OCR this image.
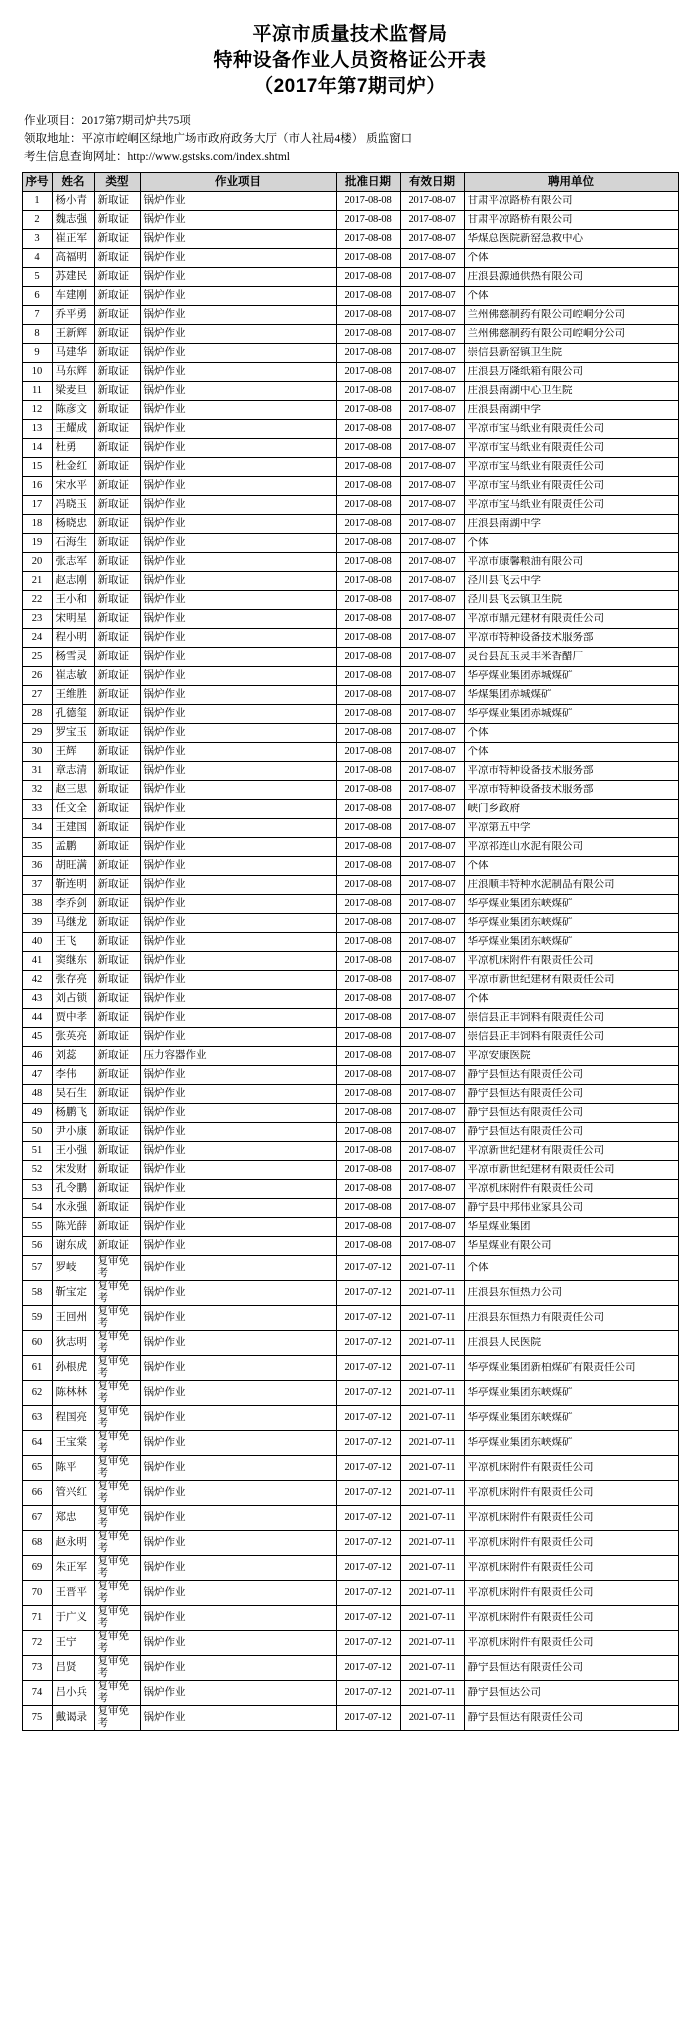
平凉市质量技术监督局
特种设备作业人员资格证公开表
（2017年第7期司炉）
作业项目：2017第7期司炉共75项
领取地址：平凉市崆峒区绿地广场市政府政务大厅（市人社局4楼） 质监窗口
考生信息查询网址：http://www.gstsks.com/index.shtml
序号	姓名	类型	作业项目	批准日期	有效日期	聘用单位
1	杨小青	新取证	锅炉作业	2017-08-08	2017-08-07	甘肃平凉路桥有限公司

2	魏志强	新取证	锅炉作业	2017-08-08	2017-08-07	甘肃平凉路桥有限公司

3	崔正军	新取证	锅炉作业	2017-08-08	2017-08-07	华煤总医院新窑急救中心

4	高福明	新取证	锅炉作业	2017-08-08	2017-08-07	个体

5	苏建民	新取证	锅炉作业	2017-08-08	2017-08-07	庄浪县源通供热有限公司

6	车建刚	新取证	锅炉作业	2017-08-08	2017-08-07	个体

7	乔平勇	新取证	锅炉作业	2017-08-08	2017-08-07	兰州佛慈制药有限公司崆峒分公司

8	王新辉	新取证	锅炉作业	2017-08-08	2017-08-07	兰州佛慈制药有限公司崆峒分公司

9	马建华	新取证	锅炉作业	2017-08-08	2017-08-07	崇信县新窑镇卫生院

10	马东辉	新取证	锅炉作业	2017-08-08	2017-08-07	庄浪县万隆纸箱有限公司

11	梁麦旦	新取证	锅炉作业	2017-08-08	2017-08-07	庄浪县南湖中心卫生院

12	陈彦文	新取证	锅炉作业	2017-08-08	2017-08-07	庄浪县南湖中学

13	王耀成	新取证	锅炉作业	2017-08-08	2017-08-07	平凉市宝马纸业有限责任公司

14	杜勇	新取证	锅炉作业	2017-08-08	2017-08-07	平凉市宝马纸业有限责任公司

15	杜金红	新取证	锅炉作业	2017-08-08	2017-08-07	平凉市宝马纸业有限责任公司

16	宋水平	新取证	锅炉作业	2017-08-08	2017-08-07	平凉市宝马纸业有限责任公司

17	冯晓玉	新取证	锅炉作业	2017-08-08	2017-08-07	平凉市宝马纸业有限责任公司

18	杨晓忠	新取证	锅炉作业	2017-08-08	2017-08-07	庄浪县南湖中学

19	石海生	新取证	锅炉作业	2017-08-08	2017-08-07	个体

20	张志军	新取证	锅炉作业	2017-08-08	2017-08-07	平凉市康馨粮油有限公司

21	赵志刚	新取证	锅炉作业	2017-08-08	2017-08-07	泾川县飞云中学

22	王小和	新取证	锅炉作业	2017-08-08	2017-08-07	泾川县飞云镇卫生院

23	宋明星	新取证	锅炉作业	2017-08-08	2017-08-07	平凉市鼎元建材有限责任公司

24	程小明	新取证	锅炉作业	2017-08-08	2017-08-07	平凉市特种设备技术服务部

25	杨雪灵	新取证	锅炉作业	2017-08-08	2017-08-07	灵台县瓦玉灵丰米香醋厂

26	崔志敏	新取证	锅炉作业	2017-08-08	2017-08-07	华亭煤业集团赤城煤矿

27	王维胜	新取证	锅炉作业	2017-08-08	2017-08-07	华煤集团赤城煤矿

28	孔德玺	新取证	锅炉作业	2017-08-08	2017-08-07	华亭煤业集团赤城煤矿

29	罗宝玉	新取证	锅炉作业	2017-08-08	2017-08-07	个体

30	王辉	新取证	锅炉作业	2017-08-08	2017-08-07	个体

31	章志清	新取证	锅炉作业	2017-08-08	2017-08-07	平凉市特种设备技术服务部

32	赵三思	新取证	锅炉作业	2017-08-08	2017-08-07	平凉市特种设备技术服务部

33	任文全	新取证	锅炉作业	2017-08-08	2017-08-07	峡门乡政府

34	王建国	新取证	锅炉作业	2017-08-08	2017-08-07	平凉第五中学

35	孟鹏	新取证	锅炉作业	2017-08-08	2017-08-07	平凉祁连山水泥有限公司

36	胡旺满	新取证	锅炉作业	2017-08-08	2017-08-07	个体

37	靳连明	新取证	锅炉作业	2017-08-08	2017-08-07	庄浪顺丰特种水泥制品有限公司

38	李乔剑	新取证	锅炉作业	2017-08-08	2017-08-07	华亭煤业集团东峡煤矿

39	马继龙	新取证	锅炉作业	2017-08-08	2017-08-07	华亭煤业集团东峡煤矿

40	王飞	新取证	锅炉作业	2017-08-08	2017-08-07	华亭煤业集团东峡煤矿

41	窦继东	新取证	锅炉作业	2017-08-08	2017-08-07	平凉机床附件有限责任公司

42	张存亮	新取证	锅炉作业	2017-08-08	2017-08-07	平凉市新世纪建材有限责任公司

43	刘占锁	新取证	锅炉作业	2017-08-08	2017-08-07	个体

44	贾中孝	新取证	锅炉作业	2017-08-08	2017-08-07	崇信县正丰饲料有限责任公司

45	张英亮	新取证	锅炉作业	2017-08-08	2017-08-07	崇信县正丰饲料有限责任公司

46	刘蕊	新取证	压力容器作业	2017-08-08	2017-08-07	平凉安康医院

47	李伟	新取证	锅炉作业	2017-08-08	2017-08-07	静宁县恒达有限责任公司

48	吴石生	新取证	锅炉作业	2017-08-08	2017-08-07	静宁县恒达有限责任公司

49	杨鹏飞	新取证	锅炉作业	2017-08-08	2017-08-07	静宁县恒达有限责任公司

50	尹小康	新取证	锅炉作业	2017-08-08	2017-08-07	静宁县恒达有限责任公司

51	王小强	新取证	锅炉作业	2017-08-08	2017-08-07	平凉新世纪建材有限责任公司

52	宋发财	新取证	锅炉作业	2017-08-08	2017-08-07	平凉市新世纪建材有限责任公司

53	孔令鹏	新取证	锅炉作业	2017-08-08	2017-08-07	平凉机床附件有限责任公司

54	水永强	新取证	锅炉作业	2017-08-08	2017-08-07	静宁县中邦伟业家具公司

55	陈光薛	新取证	锅炉作业	2017-08-08	2017-08-07	华星煤业集团

56	谢东成	新取证	锅炉作业	2017-08-08	2017-08-07	华星煤业有限公司

57	罗岐	复审免考	锅炉作业	2017-07-12	2021-07-11	个体

58	靳宝定	复审免考	锅炉作业	2017-07-12	2021-07-11	庄浪县东恒热力公司

59	王回州	复审免考	锅炉作业	2017-07-12	2021-07-11	庄浪县东恒热力有限责任公司

60	狄志明	复审免考	锅炉作业	2017-07-12	2021-07-11	庄浪县人民医院

61	孙根虎	复审免考	锅炉作业	2017-07-12	2021-07-11	华亭煤业集团新柏煤矿有限责任公司

62	陈林林	复审免考	锅炉作业	2017-07-12	2021-07-11	华亭煤业集团东峡煤矿

63	程国亮	复审免考	锅炉作业	2017-07-12	2021-07-11	华亭煤业集团东峡煤矿

64	王宝棠	复审免考	锅炉作业	2017-07-12	2021-07-11	华亭煤业集团东峡煤矿

65	陈平	复审免考	锅炉作业	2017-07-12	2021-07-11	平凉机床附件有限责任公司

66	管兴红	复审免考	锅炉作业	2017-07-12	2021-07-11	平凉机床附件有限责任公司

67	郑忠	复审免考	锅炉作业	2017-07-12	2021-07-11	平凉机床附件有限责任公司

68	赵永明	复审免考	锅炉作业	2017-07-12	2021-07-11	平凉机床附件有限责任公司

69	朱正军	复审免考	锅炉作业	2017-07-12	2021-07-11	平凉机床附件有限责任公司

70	王晋平	复审免考	锅炉作业	2017-07-12	2021-07-11	平凉机床附件有限责任公司

71	于广义	复审免考	锅炉作业	2017-07-12	2021-07-11	平凉机床附件有限责任公司

72	王宁	复审免考	锅炉作业	2017-07-12	2021-07-11	平凉机床附件有限责任公司

73	吕贤	复审免考	锅炉作业	2017-07-12	2021-07-11	静宁县恒达有限责任公司

74	吕小兵	复审免考	锅炉作业	2017-07-12	2021-07-11	静宁县恒达公司

75	戴谒录	复审免考	锅炉作业	2017-07-12	2021-07-11	静宁县恒达有限责任公司
